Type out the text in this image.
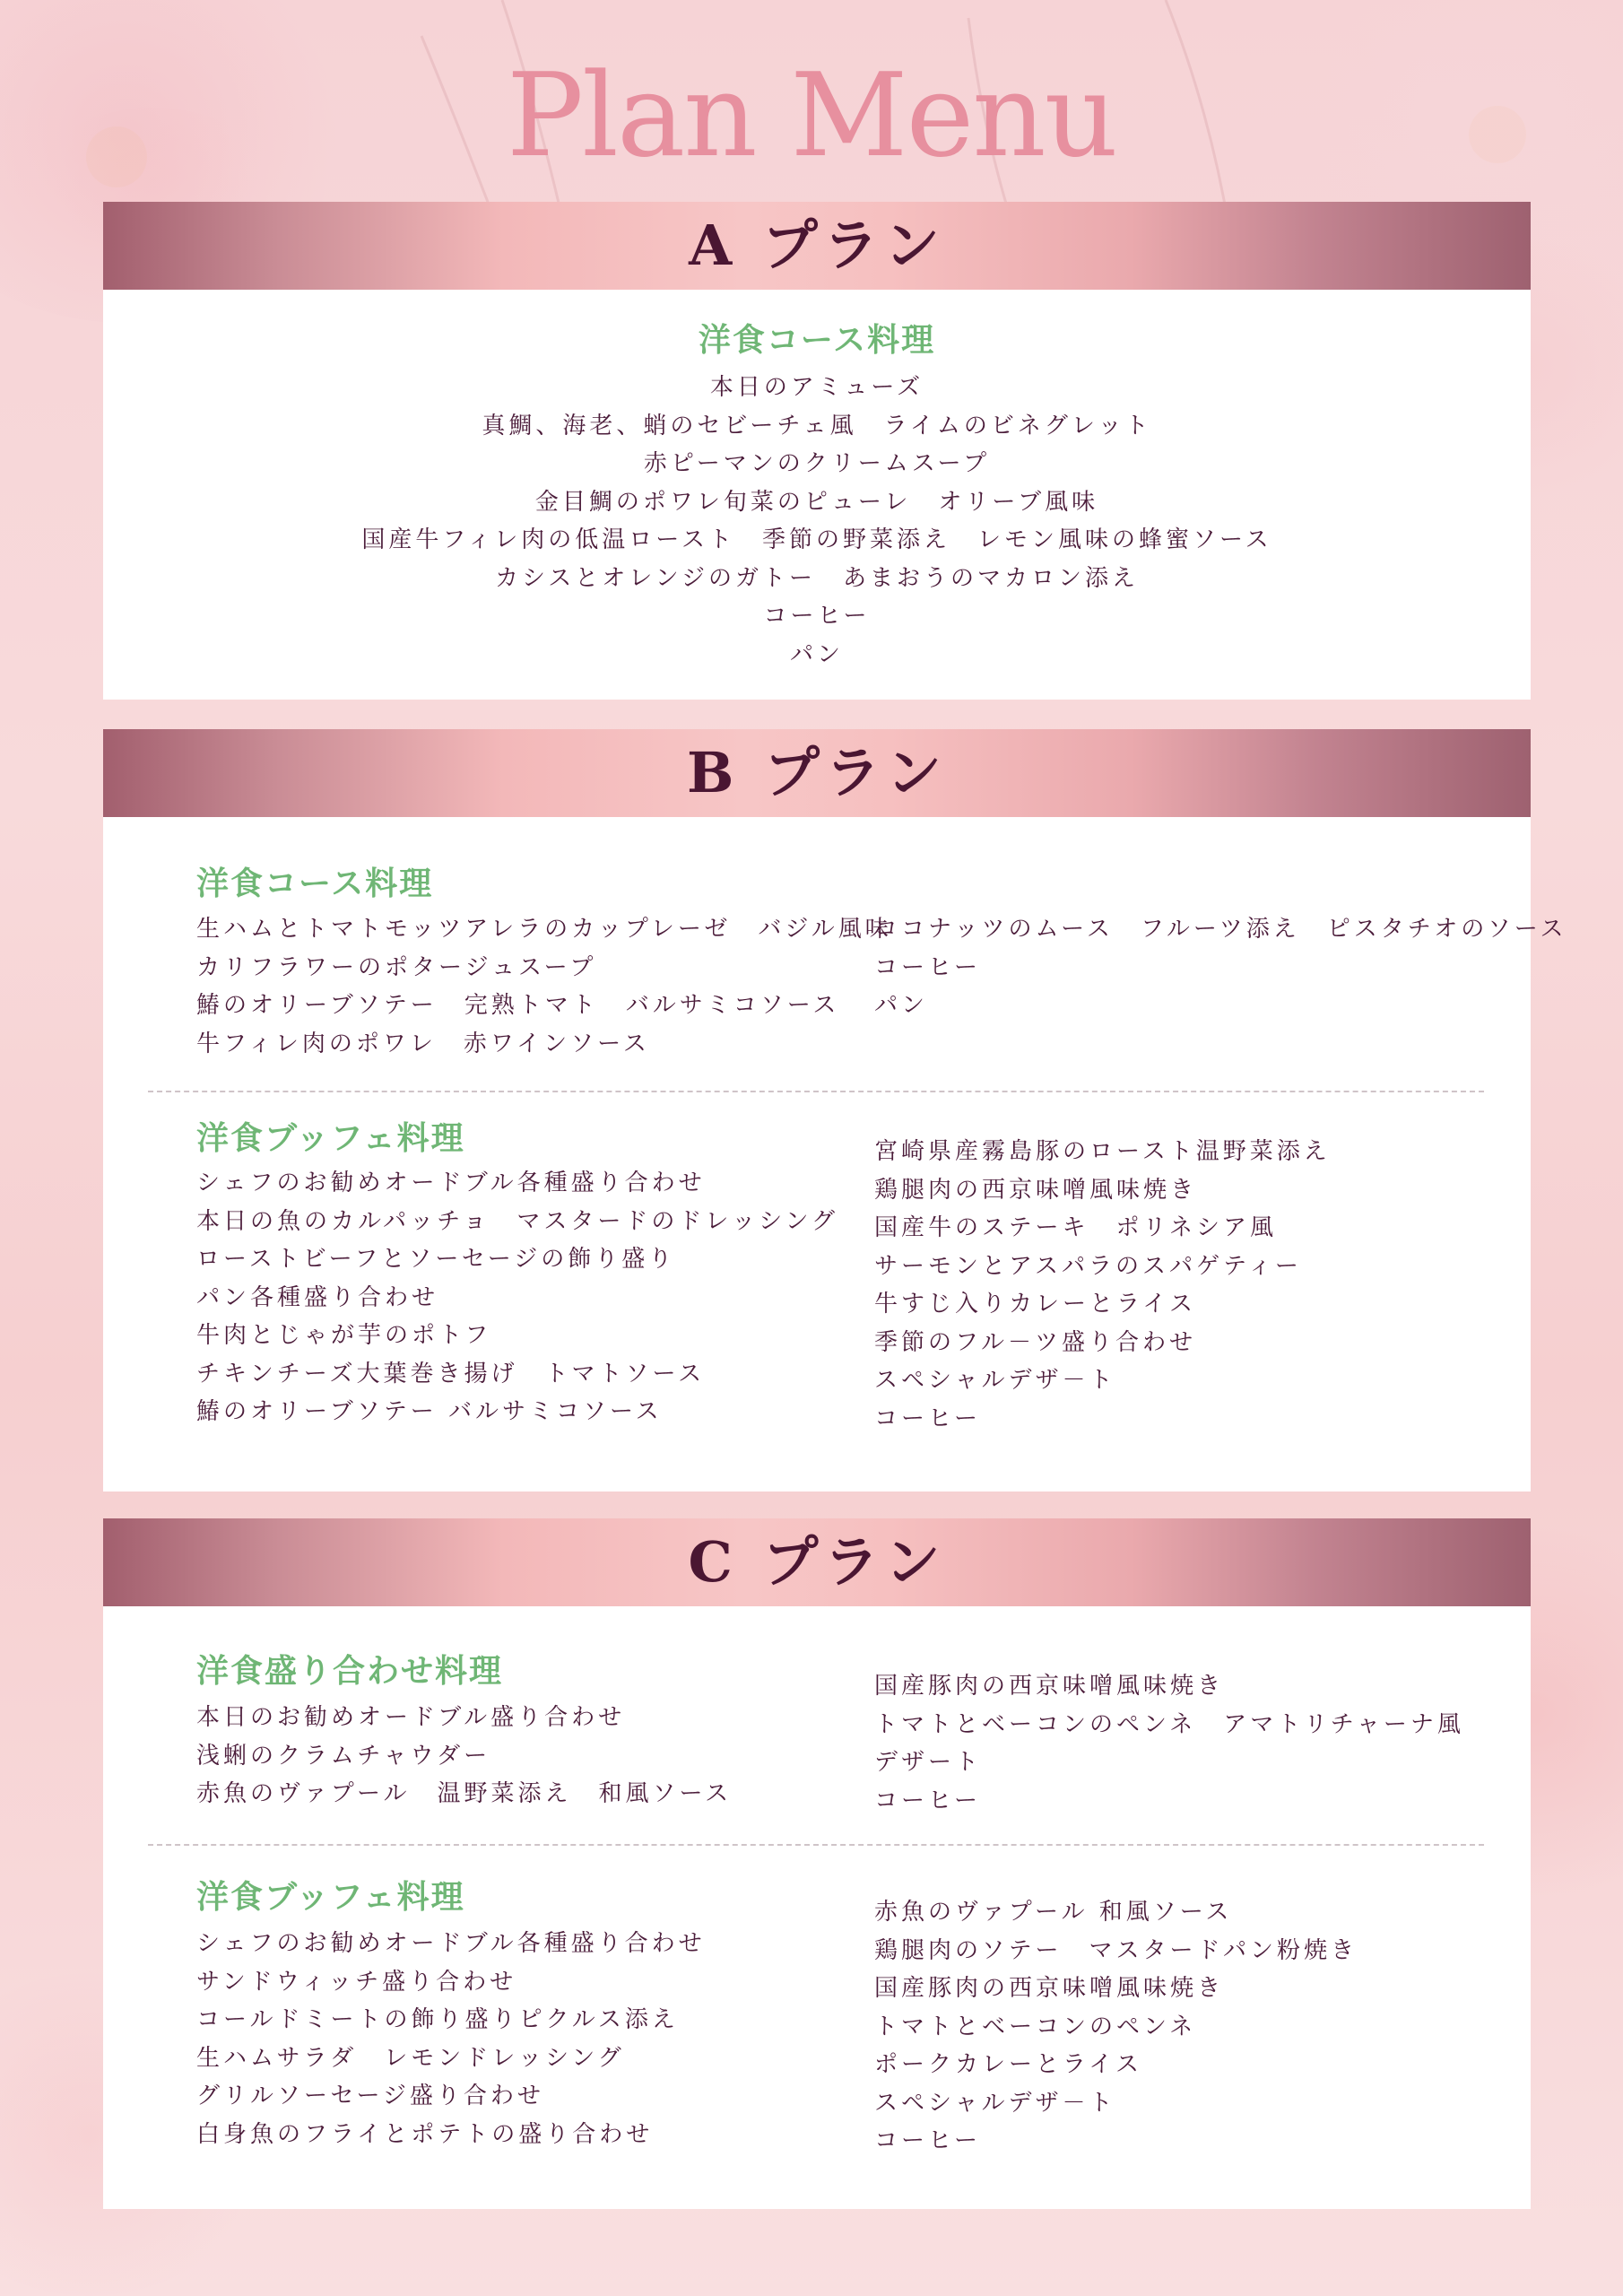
Plan Menu
A プラン
洋食コース料理
本日のアミューズ
真鯛、海老、蛸のセビーチェ風　ライムのビネグレット
赤ピーマンのクリームスープ
金目鯛のポワレ旬菜のピューレ　オリーブ風味
国産牛フィレ肉の低温ロースト　季節の野菜添え　レモン風味の蜂蜜ソース
カシスとオレンジのガトー　あまおうのマカロン添え
コーヒー
パン
B プラン
洋食コース料理
生ハムとトマトモッツアレラのカップレーゼ　バジル風味
カリフラワーのポタージュスープ
鰆のオリーブソテー　完熟トマト　バルサミコソース
牛フィレ肉のポワレ　赤ワインソース
ココナッツのムース　フルーツ添え　ピスタチオのソース
コーヒー
パン
洋食ブッフェ料理
シェフのお勧めオードブル各種盛り合わせ
本日の魚のカルパッチョ　マスタードのドレッシング
ローストビーフとソーセージの飾り盛り
パン各種盛り合わせ
牛肉とじゃが芋のポトフ
チキンチーズ大葉巻き揚げ　トマトソース
鰆のオリーブソテー バルサミコソース
宮崎県産霧島豚のロースト温野菜添え
鶏腿肉の西京味噌風味焼き
国産牛のステーキ　ポリネシア風
サーモンとアスパラのスパゲティー
牛すじ入りカレーとライス
季節のフル－ツ盛り合わせ
スペシャルデザ－ト
コーヒー
C プラン
洋食盛り合わせ料理
本日のお勧めオードブル盛り合わせ
浅蜊のクラムチャウダー
赤魚のヴァプール　温野菜添え　和風ソース
国産豚肉の西京味噌風味焼き
トマトとベーコンのペンネ　アマトリチャーナ風
デザート
コーヒー
洋食ブッフェ料理
シェフのお勧めオードブル各種盛り合わせ
サンドウィッチ盛り合わせ
コールドミートの飾り盛りピクルス添え
生ハムサラダ　レモンドレッシング
グリルソーセージ盛り合わせ
白身魚のフライとポテトの盛り合わせ
赤魚のヴァプール 和風ソース
鶏腿肉のソテー　マスタードパン粉焼き
国産豚肉の西京味噌風味焼き
トマトとベーコンのペンネ
ポークカレーとライス
スペシャルデザ－ト
コーヒー
